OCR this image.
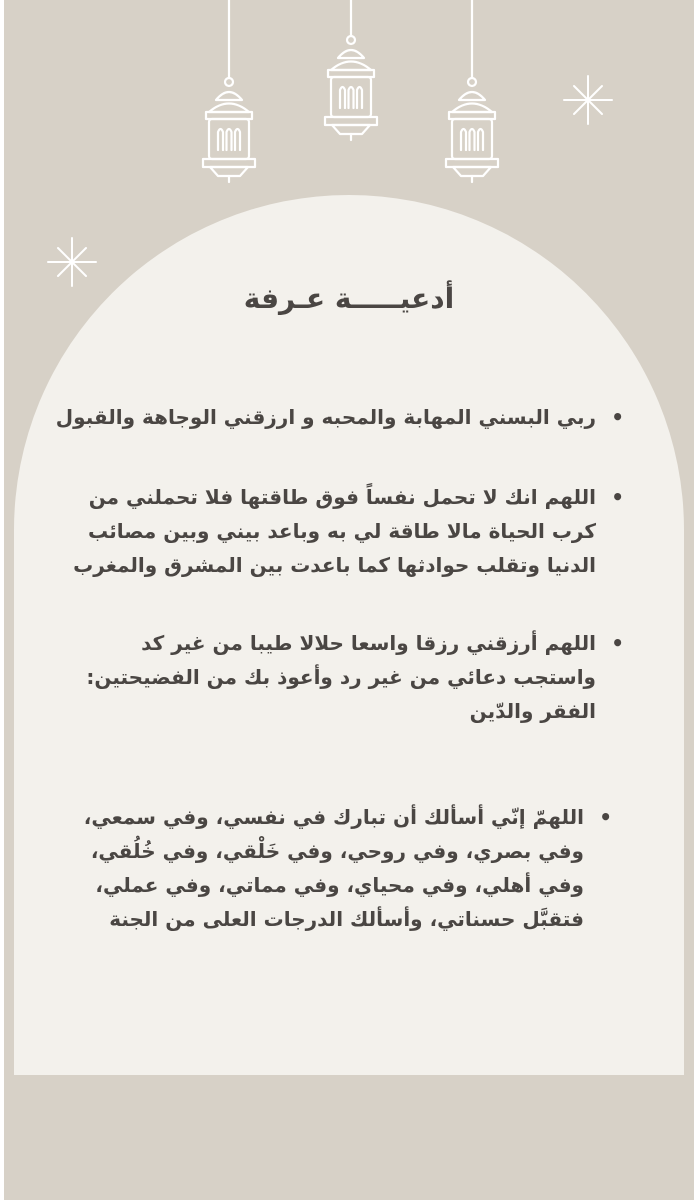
أدعيـــــة عـرفة
•
ربي البسني المهابة والمحبه و ارزقني الوجاهة والقبول
•
اللهم انك لا تحمل نفساً فوق طاقتها فلا تحملني من كرب الحياة مالا طاقة لي به وباعد بيني وبين مصائب الدنيا وتقلب حوادثها كما باعدت بين المشرق والمغرب
•
اللهم أرزقني رزقا واسعا حلالا طيبا من غير كد واستجب دعائي من غير رد وأعوذ بك من الفضيحتين: الفقر والدّين
•
اللهمّ إنّي أسألك أن تبارك في نفسي، وفي سمعي، وفي بصري، وفي روحي، وفي خَلْقي، وفي خُلُقي، وفي أهلي، وفي محياي، وفي مماتي، وفي عملي، فتقبَّل حسناتي، وأسألك الدرجات العلى من الجنة
